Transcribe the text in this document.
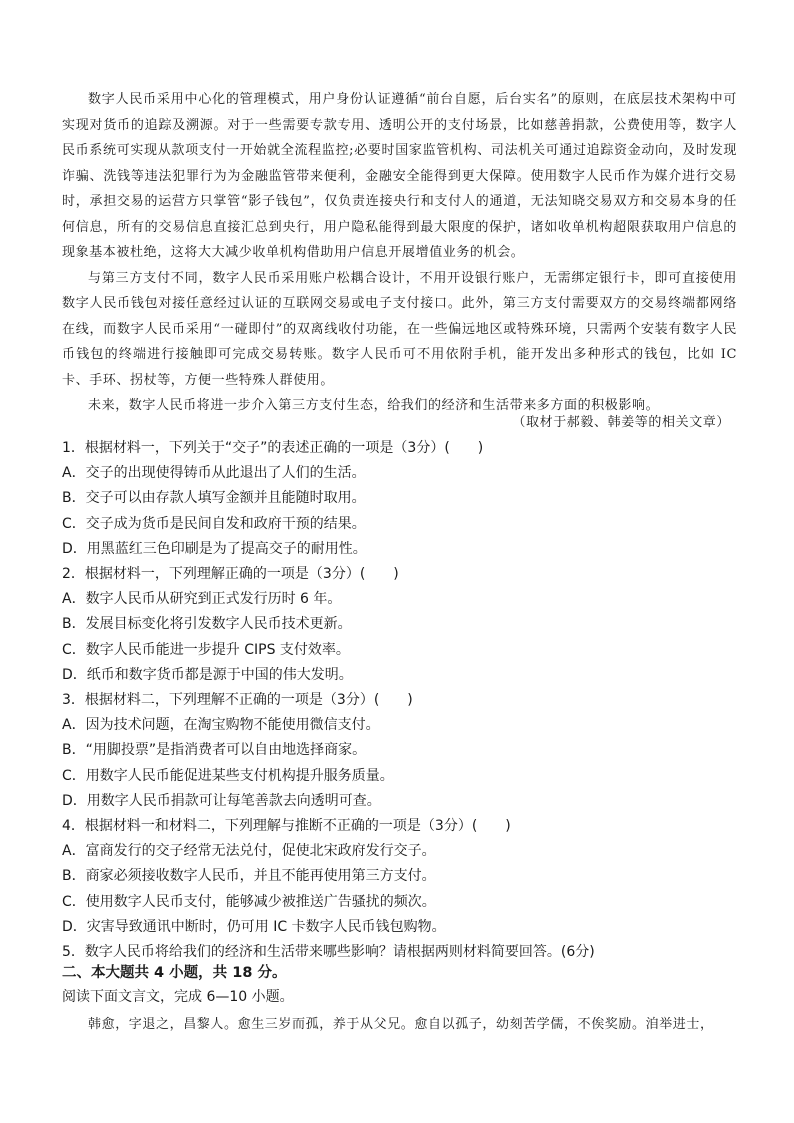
数字人民币采用中心化的管理模式，用户身份认证遵循“前台自愿，后台实名”的原则，在底层技术架构中可实现对货币的追踪及溯源。对于一些需要专款专用、透明公开的支付场景，比如慈善捐款，公费使用等，数字人民币系统可实现从款项支付一开始就全流程监控;必要时国家监管机构、司法机关可通过追踪资金动向，及时发现诈骗、洗钱等违法犯罪行为为金融监管带来便利，金融安全能得到更大保障。使用数字人民币作为媒介进行交易时，承担交易的运营方只掌管“影子钱包”，仅负责连接央行和支付人的通道，无法知晓交易双方和交易本身的任何信息，所有的交易信息直接汇总到央行，用户隐私能得到最大限度的保护，诸如收单机构超限获取用户信息的现象基本被杜绝，这将大大减少收单机构借助用户信息开展增值业务的机会。

与第三方支付不同，数字人民币采用账户松耦合设计，不用开设银行账户，无需绑定银行卡，即可直接使用数字人民币钱包对接任意经过认证的互联网交易或电子支付接口。此外，第三方支付需要双方的交易终端都网络在线，而数字人民币采用“一碰即付”的双离线收付功能，在一些偏远地区或特殊环境，只需两个安装有数字人民币钱包的终端进行接触即可完成交易转账。数字人民币可不用依附手机，能开发出多种形式的钱包，比如 IC 卡、手环、拐杖等，方便一些特殊人群使用。

未来，数字人民币将进一步介入第三方支付生态，给我们的经济和生活带来多方面的积极影响。

（取材于郝毅、韩姜等的相关文章）
1．根据材料一，下列关于“交子”的表述正确的一项是（3分）(　　)
A．交子的出现使得铸币从此退出了人们的生活。
B．交子可以由存款人填写金额并且能随时取用。
C．交子成为货币是民间自发和政府干预的结果。
D．用黑蓝红三色印刷是为了提高交子的耐用性。
2．根据材料一，下列理解正确的一项是（3分）(　　)
A．数字人民币从研究到正式发行历时 6 年。
B．发展目标变化将引发数字人民币技术更新。
C．数字人民币能进一步提升 CIPS 支付效率。
D．纸币和数字货币都是源于中国的伟大发明。
3．根据材料二，下列理解不正确的一项是（3分）(　　)
A．因为技术问题，在淘宝购物不能使用微信支付。
B．“用脚投票”是指消费者可以自由地选择商家。
C．用数字人民币能促进某些支付机构提升服务质量。
D．用数字人民币捐款可让每笔善款去向透明可查。
4．根据材料一和材料二，下列理解与推断不正确的一项是（3分）(　　)
A．富商发行的交子经常无法兑付，促使北宋政府发行交子。
B．商家必须接收数字人民币，并且不能再使用第三方支付。
C．使用数字人民币支付，能够减少被推送广告骚扰的频次。
D．灾害导致通讯中断时，仍可用 IC 卡数字人民币钱包购物。
5．数字人民币将给我们的经济和生活带来哪些影响？请根据两则材料简要回答。(6分)
二、本大题共 4 小题，共 18 分。
阅读下面文言文，完成 6—10 小题。
韩愈，字退之，昌黎人。愈生三岁而孤，养于从父兄。愈自以孤子，幼刻苦学儒，不俟奖励。洎举进士，
